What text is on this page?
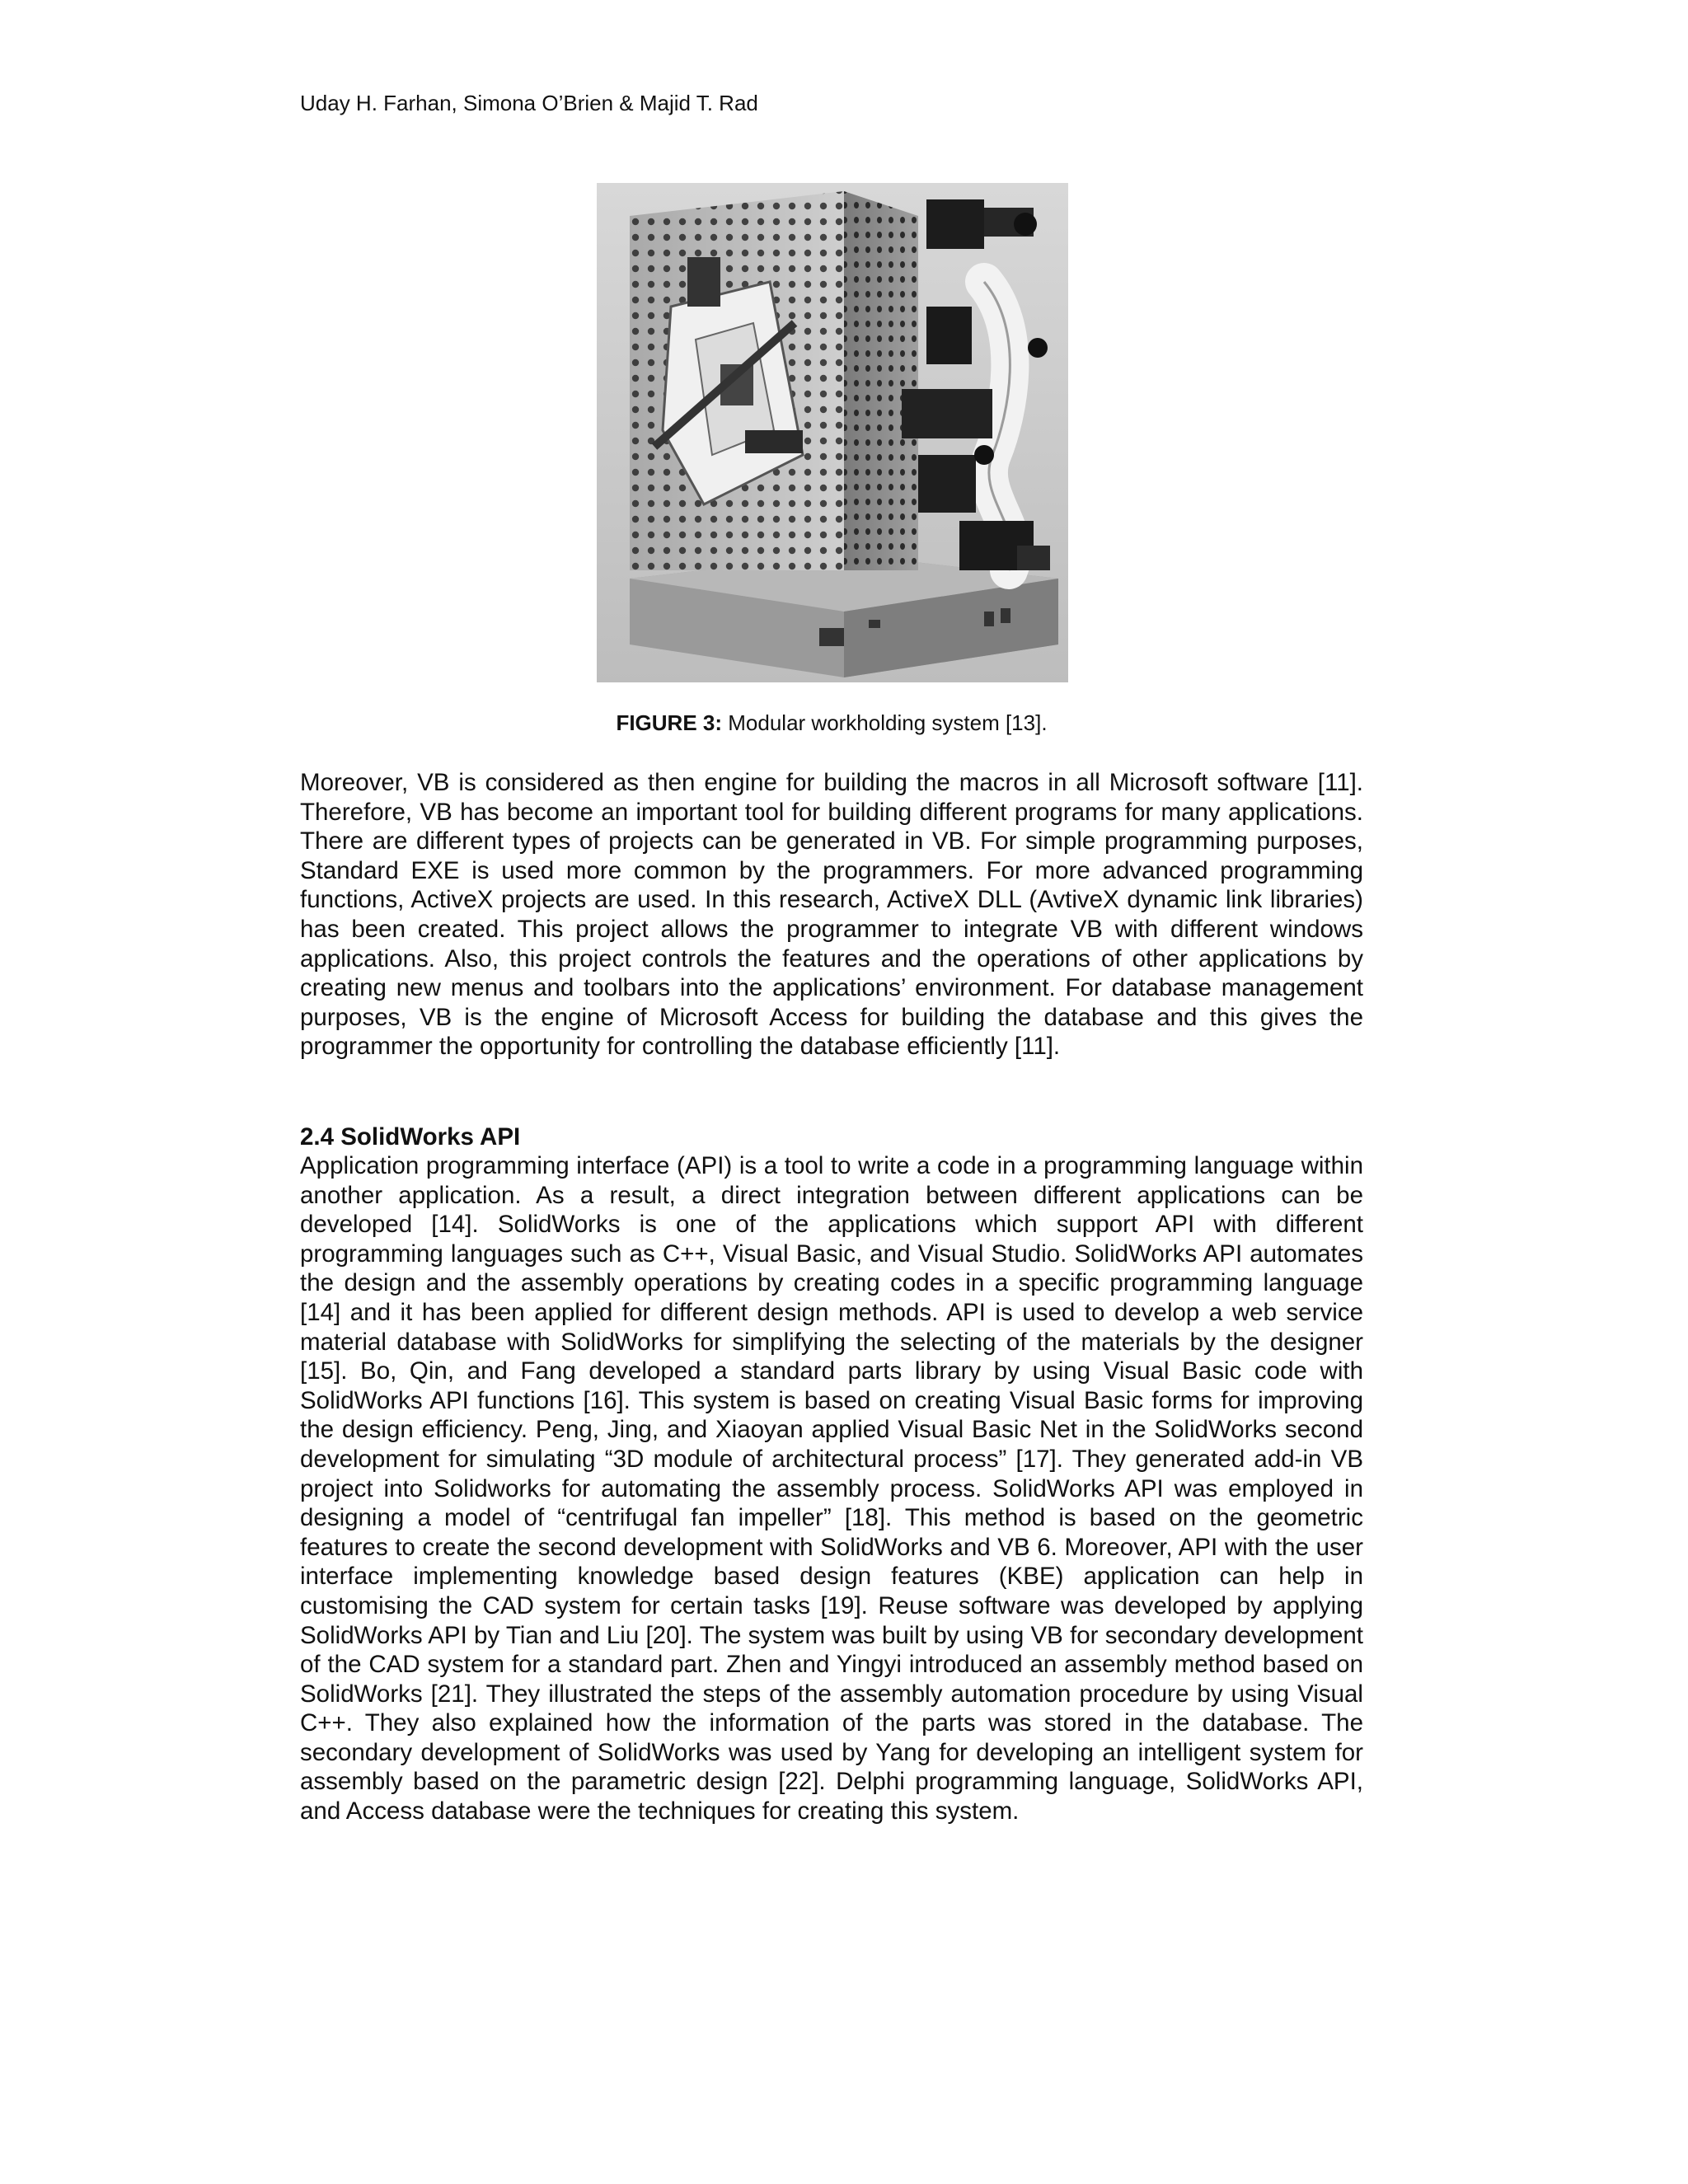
Uday H. Farhan, Simona O’Brien & Majid T. Rad
FIGURE 3: Modular workholding system [13].
Moreover, VB is considered as then engine for building the macros in all Microsoft software [11]. Therefore, VB has become an important tool for building different programs for many applications. There are different types of projects can be generated in VB. For simple programming purposes, Standard EXE is used more common by the programmers. For more advanced programming functions, ActiveX projects are used. In this research, ActiveX DLL (AvtiveX dynamic link libraries) has been created. This project allows the programmer to integrate VB with different windows applications. Also, this project controls the features and the operations of other applications by creating new menus and toolbars into the applications’ environment. For database management purposes, VB is the engine of Microsoft Access for building the database and this gives the programmer the opportunity for controlling the database efficiently [11].
2.4 SolidWorks API
Application programming interface (API) is a tool to write a code in a programming language within another application. As a result, a direct integration between different applications can be developed [14]. SolidWorks is one of the applications which support API with different programming languages such as C++, Visual Basic, and Visual Studio. SolidWorks API automates the design and the assembly operations by creating codes in a specific programming language [14] and it has been applied for different design methods. API is used to develop a web service material database with SolidWorks for simplifying the selecting of the materials by the designer [15]. Bo, Qin, and Fang developed a standard parts library by using Visual Basic code with SolidWorks API functions [16]. This system is based on creating Visual Basic forms for improving the design efficiency. Peng, Jing, and Xiaoyan applied Visual Basic Net in the SolidWorks second development for simulating “3D module of architectural process” [17]. They generated add-in VB project into Solidworks for automating the assembly process. SolidWorks API was employed in designing a model of “centrifugal fan impeller” [18]. This method is based on the geometric features to create the second development with SolidWorks and VB 6. Moreover, API with the user interface implementing knowledge based design features (KBE) application can help in customising the CAD system for certain tasks [19]. Reuse software was developed by applying SolidWorks API by Tian and Liu [20]. The system was built by using VB for secondary development of the CAD system for a standard part. Zhen and Yingyi introduced an assembly method based on SolidWorks [21]. They illustrated the steps of the assembly automation procedure by using Visual C++. They also explained how the information of the parts was stored in the database. The secondary development of SolidWorks was used by Yang for developing an intelligent system for assembly based on the parametric design [22]. Delphi programming language, SolidWorks API, and Access database were the techniques for creating this system.
